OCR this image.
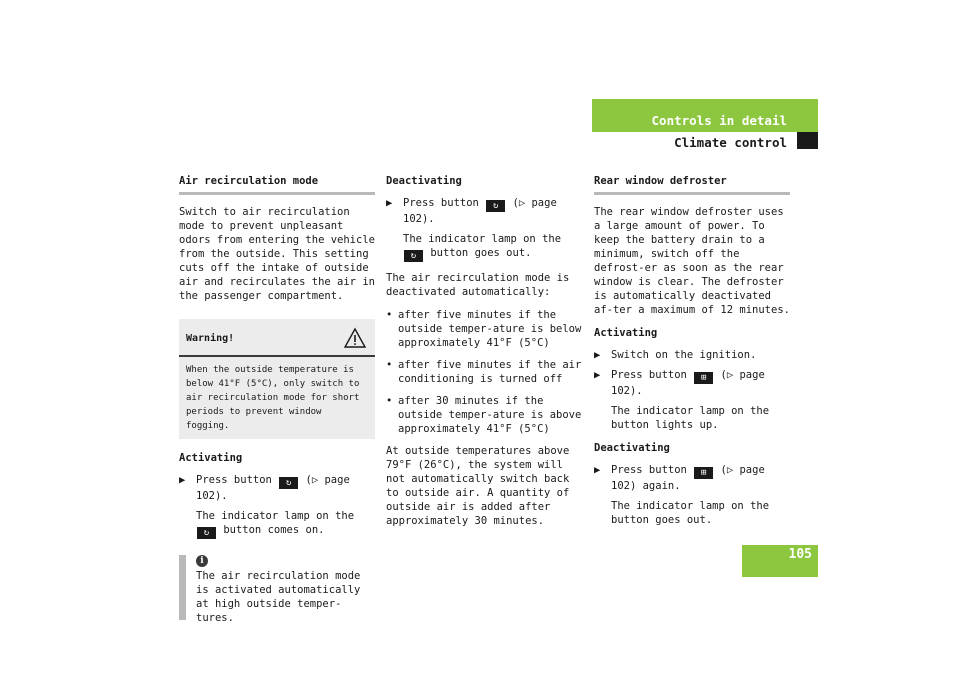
Controls in detail
Climate control
Air recirculation mode

Switch to air recirculation mode to prevent unpleasant odors from entering the vehicle from the outside. This setting cuts off the intake of outside air and recirculates the air in the passenger compartment.

Warning!
When the outside temperature is below 41°F (5°C), only switch to air recirculation mode for short periods to prevent window fogging.
Activating
▶ Press button ↻ (▷ page 102).
The indicator lamp on the ↻ button comes on.
i
The air recirculation mode is activated automatically at high outside temper-tures.
Deactivating
▶ Press button ↻ (▷ page 102).
The indicator lamp on the ↻ button goes out.

The air recirculation mode is deactivated automatically:

• after five minutes if the outside temper-ature is below approximately 41°F (5°C)
• after five minutes if the air conditioning is turned off
• after 30 minutes if the outside temper-ature is above approximately 41°F (5°C)

At outside temperatures above 79°F (26°C), the system will not automatically switch back to outside air. A quantity of outside air is added after approximately 30 minutes.

Rear window defroster

The rear window defroster uses a large amount of power. To keep the battery drain to a minimum, switch off the defrost-er as soon as the rear window is clear. The defroster is automatically deactivated af-ter a maximum of 12 minutes.

Activating
▶ Switch on the ignition.
▶ Press button ⊞ (▷ page 102).
The indicator lamp on the button lights up.
Deactivating
▶ Press button ⊞ (▷ page 102) again.
The indicator lamp on the button goes out.
105
